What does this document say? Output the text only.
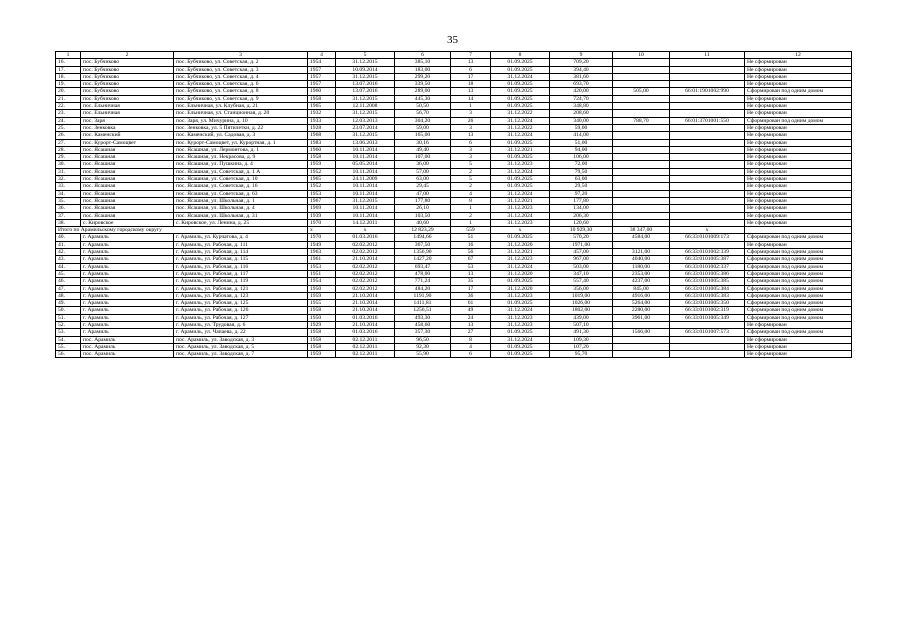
35
1	2	3	4	5	6	7	8	9	10	11	12
16.	пос. Бубчиково	пос. Бубчиково, ул. Советская, д. 2	1954	31.12.2015	385,10	13	01.09.2025	709,20			Не сформирован
17.	пос. Бубчиково	пос. Бубчиково, ул. Советская, д. 3	1957	10.09.2014	183,00	6	01.09.2025	394,40			Не сформирован
18.	пос. Бубчиково	пос. Бубчиково, ул. Советская, д. 4	1957	31.12.2015	299,20	17	31.12.2024	381,60			Не сформирован
19.	пос. Бубчиково	пос. Бубчиково, ул. Советская, д. 6	1957	13.07.2016	339,50	18	01.09.2025	693,70			Не сформирован
20.	пос. Бубчиково	пос. Бубчиково, ул. Советская, д. 8	1960	13.07.2016	289,00	13	01.09.2025	420,00	505,00	66:01:1901002:990	Сформирован под одним домом
21.	пос. Бубчиково	пос. Бубчиково, ул. Советская, д. 9	1958	31.12.2015	445,30	14	01.09.2025	724,70			Не сформирован
22.	пос. Ельничная	пос. Ельничная, ул. Клубная, д. 21	1965	12.11.2008	50,50	1	01.09.2025	348,80			Не сформирован
23.	пос. Ельничная	пос. Ельничная, ул. Станционная, д. 20	1932	31.12.2015	56,70	3	31.12.2022	208,60			Не сформирован
24.	пос. Заря	пос. Заря, ул. Мичурина, д. 10	1933	12.03.2013	304,20	26	31.12.2024	340,00	788,70	66:01:3701001:550	Сформирован под одним домом
25.	пос. Зенковка	пос. Зенковка, ул. 5 Пятилетки, д. 22	1928	23.07.2014	59,00	3	31.12.2022	59,00			Не сформирован
26.	пос. Каменский	пос. Каменский, ул. Садовая, д. 3	1968	31.12.2015	165,00	13	31.12.2024	414,00			Не сформирован
27.	пос. Курорт-Самоцвет	пос. Курорт-Самоцвет, ул. Курортная, д. 1	1983	13.06.2013	30,16	6	01.09.2025	51,00			Не сформирован
28.	пос. Ясашная	пос. Ясашная, ул. Лермонтова, д. 1	1960	10.11.2014	49,40	3	31.12.2021	94,00			Не сформирован
29.	пос. Ясашная	пос. Ясашная, ул. Некрасова, д. 9	1958	10.11.2014	107,00	3	01.09.2025	106,00			Не сформирован
30.	пос. Ясашная	пос. Ясашная, ул. Пушкина, д. 4	1959	05.05.2014	36,00	5	31.12.2023	72,00			Не сформирован
31.	пос. Ясашная	пос. Ясашная, ул. Советская, д. 1 А	1952	10.11.2014	57,00	2	31.12.2024	79,50			Не сформирован
32.	пос. Ясашная	пос. Ясашная, ул. Советская, д. 10	1965	24.11.2009	63,00	5	01.09.2025	63,00			Не сформирован
33.	пос. Ясашная	пос. Ясашная, ул. Советская, д. 16	1952	10.11.2014	29,45	2	01.09.2025	29,50			Не сформирован
34.	пос. Ясашная	пос. Ясашная, ул. Советская, д. 63	1953	10.11.2014	47,00	4	31.12.2024	97,20			Не сформирован
35.	пос. Ясашная	пос. Ясашная, ул. Школьная, д. 1	1967	31.12.2015	177,80	8	31.12.2021	177,80			Не сформирован
36.	пос. Ясашная	пос. Ясашная, ул. Школьная, д. 4	1969	10.11.2014	26,10	1	31.12.2023	134,00			Не сформирован
37.	пос. Ясашная	пос. Ясашная, ул. Школьная, д. 31	1939	10.11.2014	103,50	2	31.12.2024	206,30			Не сформирован
38.	с. Кировское	с. Кировское, ул. Ленина, д. 25	1970	14.12.2011	40,60	1	31.12.2023	120,60			Не сформирован
Итого по Арамильскому городскому округу			х	х	12 823,29	559	х	10 929,30	38 347,00	х	
40.	г. Арамиль	г. Арамиль, ул. Курчатова, д. 4	1970	01.03.2016	1494,66	51	01.09.2025	570,20	4584,00	66:33:0101009:173	Сформирован под одним домом
41.	г. Арамиль	г. Арамиль, ул. Рабочая, д. 111	1949	02.02.2012	367,50	16	31.12.2020	1971,00			Не сформирован
42.	г. Арамиль	г. Арамиль, ул. Рабочая, д. 114	1963	02.02.2012	1356,90	56	31.12.2021	457,00	3121,00	66:33:0101002:339	Сформирован под одним домом
43.	г. Арамиль	г. Арамиль, ул. Рабочая, д. 115	1961	21.10.2014	1427,20	67	31.12.2023	967,00	4040,00	66:33:0101005:387	Сформирован под одним домом
44.	г. Арамиль	г. Арамиль, ул. Рабочая, д. 116	1953	02.02.2012	693,47	53	31.12.2024	503,00	1180,00	66:33:0101002:337	Сформирован под одним домом
45.	г. Арамиль	г. Арамиль, ул. Рабочая, д. 117	1951	02.02.2012	478,00	13	31.12.2020	347,10	2353,00	66:33:0101005:386	Сформирован под одним домом
46.	г. Арамиль	г. Арамиль, ул. Рабочая, д. 119	1954	02.02.2012	771,24	35	01.09.2025	557,40	4237,00	66:33:0101005:385	Сформирован под одним домом
47.	г. Арамиль	г. Арамиль, ул. Рабочая, д. 121	1950	02.02.2012	484,20	17	31.12.2020	356,00	845,00	66:33:0101005:384	Сформирован под одним домом
48.	г. Арамиль	г. Арамиль, ул. Рабочая, д. 123	1959	21.10.2014	1191,90	36	31.12.2023	1019,00	4916,00	66:33:0101005:383	Сформирован под одним домом
49.	г. Арамиль	г. Арамиль, ул. Рабочая, д. 125	1955	21.10.2014	1411,81	61	01.09.2025	1026,00	5264,00	66:33:0101005:350	Сформирован под одним домом
50.	г. Арамиль	г. Арамиль, ул. Рабочая, д. 126	1958	21.10.2014	1256,51	49	31.12.2024	1802,00	2280,00	66:33:0101002:319	Сформирован под одним домом
51.	г. Арамиль	г. Арамиль, ул. Рабочая, д. 127	1950	01.03.2016	493,30	24	31.12.2023	439,00	3961,00	66:33:0101005:349	Сформирован под одним домом
52.	г. Арамиль	г. Арамиль, ул. Трудовая, д. 6	1929	21.10.2014	458,60	13	31.12.2023	507,10			Не сформирован
53.	г. Арамиль	г. Арамиль, ул. Чапаева, д. 22	1958	01.03.2016	357,30	27	01.09.2025	491,30	1566,00	66:33:0101007:573	Сформирован под одним домом
54.	пос. Арамиль	пос. Арамиль, ул. Заводская, д. 3	1958	02.12.2011	96,50	8	31.12.2024	109,30			Не сформирован
55.	пос. Арамиль	пос. Арамиль, ул. Заводская, д. 5	1958	02.12.2011	92,30	4	01.09.2025	107,20			Не сформирован
56.	пос. Арамиль	пос. Арамиль, ул. Заводская, д. 7	1959	02.12.2011	55,90	6	01.09.2025	95,70			Не сформирован
